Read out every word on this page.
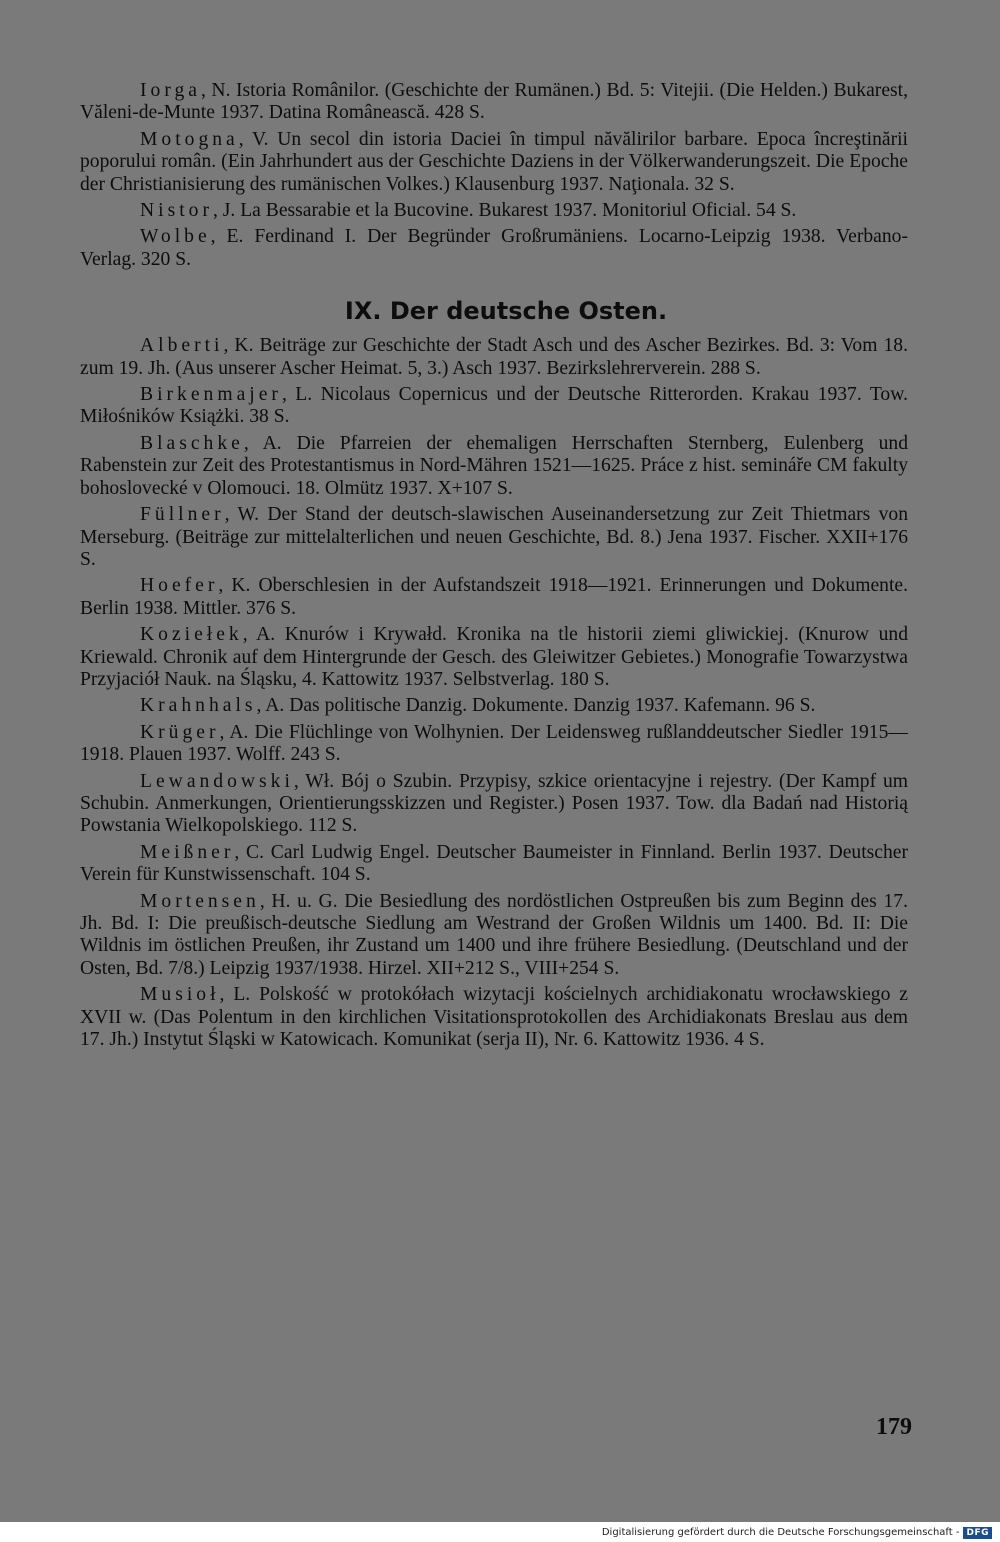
Iorga, N. Istoria Românilor. (Geschichte der Rumänen.) Bd. 5: Vitejii. (Die Helden.) Bukarest, Văleni-de-Munte 1937. Datina Românească. 428 S.

Motogna, V. Un secol din istoria Daciei în timpul năvălirilor barbare. Epoca încreştinării poporului român. (Ein Jahrhundert aus der Geschichte Daziens in der Völkerwanderungszeit. Die Epoche der Christianisierung des rumänischen Volkes.) Klausenburg 1937. Naţionala. 32 S.

Nistor, J. La Bessarabie et la Bucovine. Bukarest 1937. Monitoriul Oficial. 54 S.

Wolbe, E. Ferdinand I. Der Begründer Großrumäniens. Locarno-Leipzig 1938. Verbano-Verlag. 320 S.

IX. Der deutsche Osten.

Alberti, K. Beiträge zur Geschichte der Stadt Asch und des Ascher Bezirkes. Bd. 3: Vom 18. zum 19. Jh. (Aus unserer Ascher Heimat. 5, 3.) Asch 1937. Bezirkslehrerverein. 288 S.

Birkenmajer, L. Nicolaus Copernicus und der Deutsche Ritterorden. Krakau 1937. Tow. Miłośników Książki. 38 S.

Blaschke, A. Die Pfarreien der ehemaligen Herrschaften Sternberg, Eulenberg und Rabenstein zur Zeit des Protestantismus in Nord-Mähren 1521—1625. Práce z hist. semináře CM fakulty bohoslovecké v Olomouci. 18. Olmütz 1937. X+107 S.

Füllner, W. Der Stand der deutsch-slawischen Auseinandersetzung zur Zeit Thietmars von Merseburg. (Beiträge zur mittelalterlichen und neuen Geschichte, Bd. 8.) Jena 1937. Fischer. XXII+176 S.

Hoefer, K. Oberschlesien in der Aufstandszeit 1918—1921. Erinnerungen und Dokumente. Berlin 1938. Mittler. 376 S.

Koziełek, A. Knurów i Krywałd. Kronika na tle historii ziemi gliwickiej. (Knurow und Kriewald. Chronik auf dem Hintergrunde der Gesch. des Gleiwitzer Gebietes.) Monografie Towarzystwa Przyjaciół Nauk. na Śląsku, 4. Kattowitz 1937. Selbstverlag. 180 S.

Krahnhals, A. Das politische Danzig. Dokumente. Danzig 1937. Kafemann. 96 S.

Krüger, A. Die Flüchlinge von Wolhynien. Der Leidensweg rußlanddeutscher Siedler 1915—1918. Plauen 1937. Wolff. 243 S.

Lewandowski, Wł. Bój o Szubin. Przypisy, szkice orientacyjne i rejestry. (Der Kampf um Schubin. Anmerkungen, Orientierungsskizzen und Register.) Posen 1937. Tow. dla Badań nad Historią Powstania Wielkopolskiego. 112 S.

Meißner, C. Carl Ludwig Engel. Deutscher Baumeister in Finnland. Berlin 1937. Deutscher Verein für Kunstwissenschaft. 104 S.

Mortensen, H. u. G. Die Besiedlung des nordöstlichen Ostpreußen bis zum Beginn des 17. Jh. Bd. I: Die preußisch-deutsche Siedlung am Westrand der Großen Wildnis um 1400. Bd. II: Die Wildnis im östlichen Preußen, ihr Zustand um 1400 und ihre frühere Besiedlung. (Deutschland und der Osten, Bd. 7/8.) Leipzig 1937/1938. Hirzel. XII+212 S., VIII+254 S.

Musioł, L. Polskość w protokółach wizytacji kościelnych archidiakonatu wrocławskiego z XVII w. (Das Polentum in den kirchlichen Visitationsprotokollen des Archidiakonats Breslau aus dem 17. Jh.) Instytut Śląski w Katowicach. Komunikat (serja II), Nr. 6. Kattowitz 1936. 4 S.

179
Digitalisierung gefördert durch die Deutsche Forschungsgemeinschaft - DFG
